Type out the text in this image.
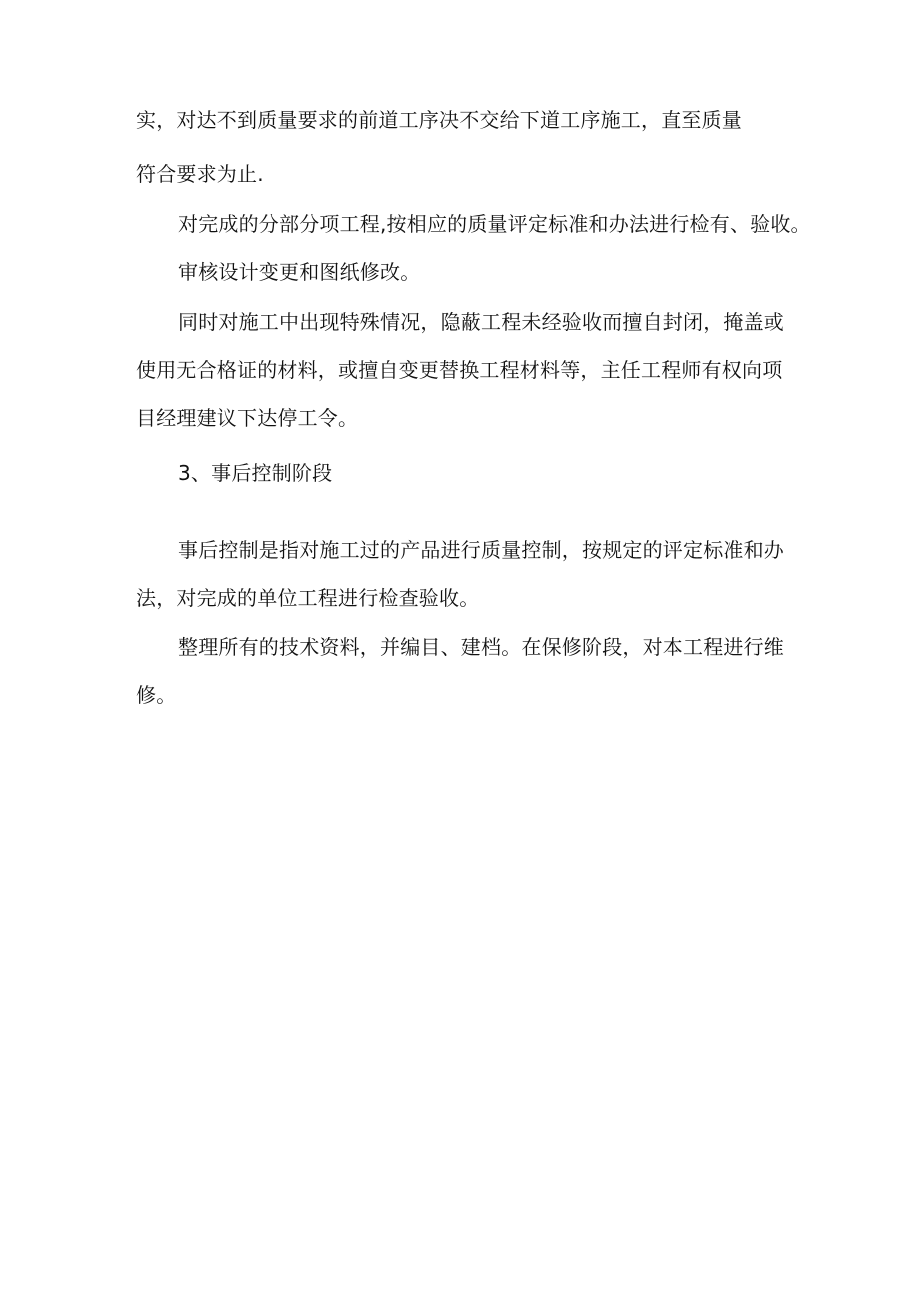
实，对达不到质量要求的前道工序决不交给下道工序施工，直至质量
符合要求为止.
对完成的分部分项工程,按相应的质量评定标准和办法进行检有、验收。
审核设计变更和图纸修改。
同时对施工中出现特殊情况，隐蔽工程未经验收而擅自封闭，掩盖或
使用无合格证的材料，或擅自变更替换工程材料等，主任工程师有权向项
目经理建议下达停工令。
3、事后控制阶段
事后控制是指对施工过的产品进行质量控制，按规定的评定标准和办
法，对完成的单位工程进行检查验收。
整理所有的技术资料，并编目、建档。在保修阶段，对本工程进行维
修。
